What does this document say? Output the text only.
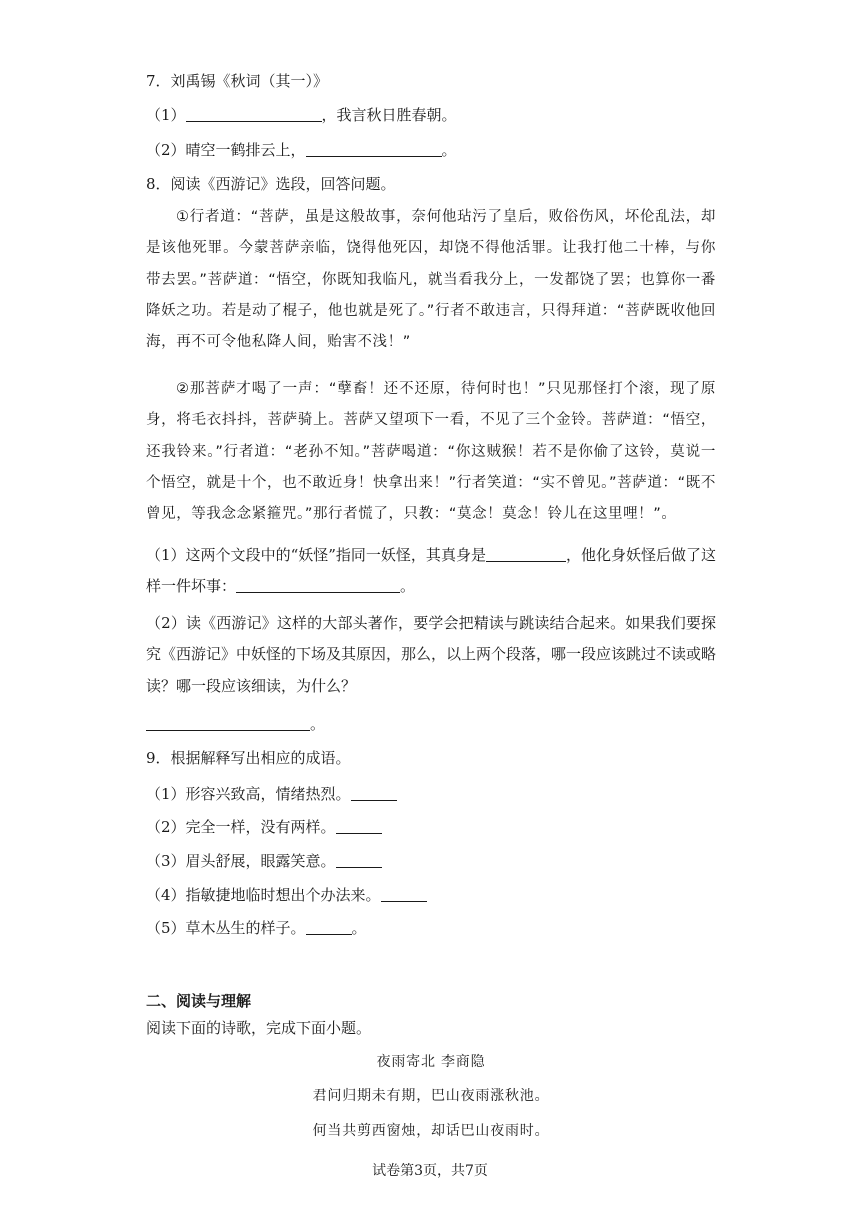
7．刘禹锡《秋词（其一）》
（1）	，我言秋日胜春朝。
（2）晴空一鹤排云上，	。
8．阅读《西游记》选段，回答问题。
①行者道：“菩萨，虽是这般故事，奈何他玷污了皇后，败俗伤风，坏伦乱法，却是该他死罪。今蒙菩萨亲临，饶得他死囚，却饶不得他活罪。让我打他二十棒，与你带去罢。”菩萨道：“悟空，你既知我临凡，就当看我分上，一发都饶了罢；也算你一番降妖之功。若是动了棍子，他也就是死了。”行者不敢违言，只得拜道：“菩萨既收他回海，再不可令他私降人间，贻害不浅！”
②那菩萨才喝了一声：“孽畜！还不还原，待何时也！”只见那怪打个滚，现了原身，将毛衣抖抖，菩萨骑上。菩萨又望项下一看，不见了三个金铃。菩萨道：“悟空，还我铃来。”行者道：“老孙不知。”菩萨喝道：“你这贼猴！若不是你偷了这铃，莫说一个悟空，就是十个，也不敢近身！快拿出来！”行者笑道：“实不曾见。”菩萨道：“既不曾见，等我念念紧箍咒。”那行者慌了，只教：“莫念！莫念！铃儿在这里哩！”。
（1）这两个文段中的“妖怪”指同一妖怪，其真身是	，他化身妖怪后做了这样一件坏事：	。
（2）读《西游记》这样的大部头著作，要学会把精读与跳读结合起来。如果我们要探究《西游记》中妖怪的下场及其原因，那么，以上两个段落，哪一段应该跳过不读或略读？哪一段应该细读，为什么？
。
9．根据解释写出相应的成语。
（1）形容兴致高，情绪热烈。
（2）完全一样，没有两样。
（3）眉头舒展，眼露笑意。
（4）指敏捷地临时想出个办法来。
（5）草木丛生的样子。	。
二、阅读与理解
阅读下面的诗歌，完成下面小题。
夜雨寄北 李商隐
君问归期未有期，巴山夜雨涨秋池。
何当共剪西窗烛，却话巴山夜雨时。
试卷第3页，共7页
